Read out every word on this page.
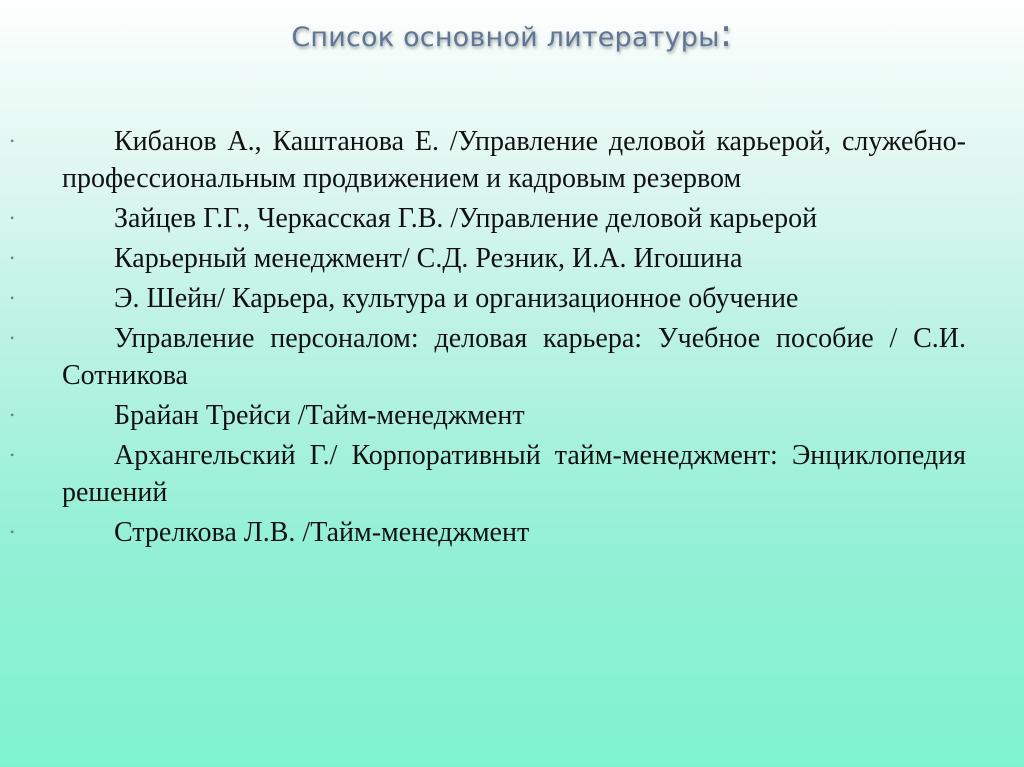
Список основной литературы:
• Кибанов А., Каштанова Е. /Управление деловой карьерой, служебно-профессиональным продвижением и кадровым резервом
• Зайцев Г.Г., Черкасская Г.В. /Управление деловой карьерой
• Карьерный менеджмент/ С.Д. Резник, И.А. Игошина
• Э. Шейн/ Карьера, культура и организационное обучение
• Управление персоналом: деловая карьера: Учебное пособие / С.И. Сотникова
• Брайан Трейси /Тайм-менеджмент
• Архангельский Г./ Корпоративный тайм-менеджмент: Энциклопедия решений
• Стрелкова Л.В. /Тайм-менеджмент
